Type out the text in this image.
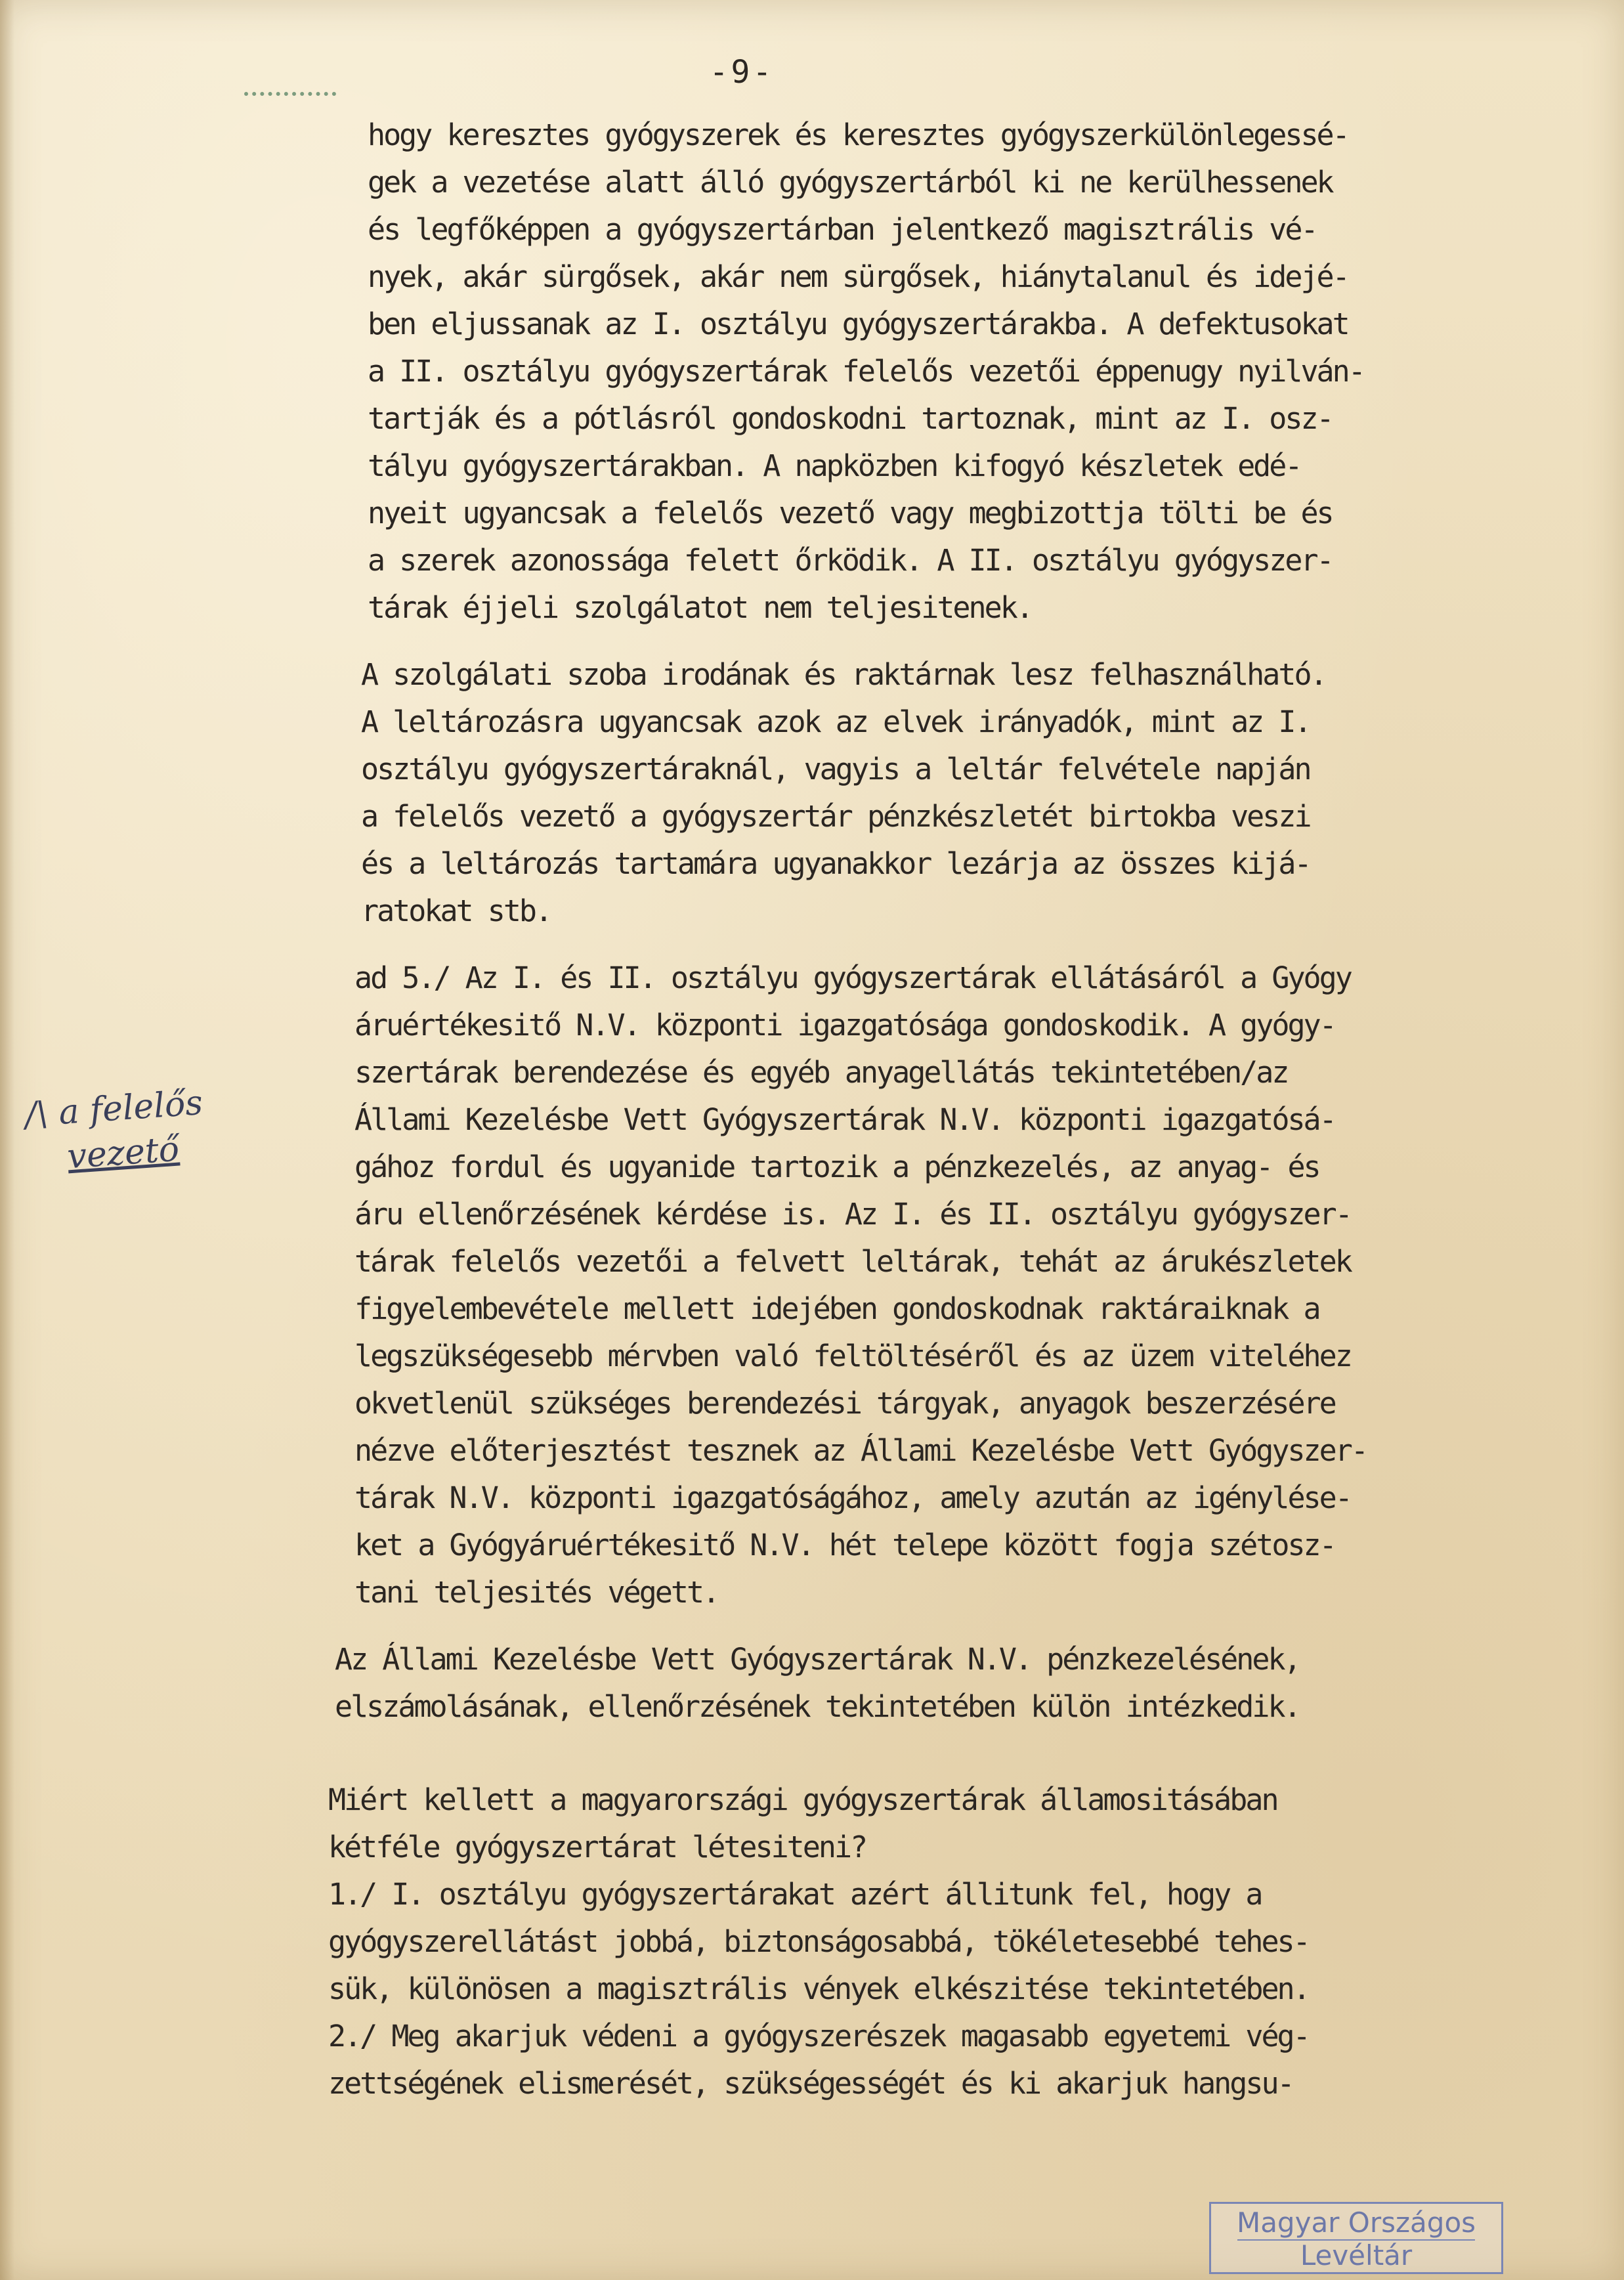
-9-
/\ a felelős
vezető
hogy keresztes gyógyszerek és keresztes gyógyszerkülönlegessé-
gek a vezetése alatt álló gyógyszertárból ki ne kerülhessenek
és legfőképpen a gyógyszertárban jelentkező magisztrális vé-
nyek, akár sürgősek, akár nem sürgősek, hiánytalanul és idejé-
ben eljussanak az I. osztályu gyógyszertárakba. A defektusokat
a II. osztályu gyógyszertárak felelős vezetői éppenugy nyilván-
tartják és a pótlásról gondoskodni tartoznak, mint az I. osz-
tályu gyógyszertárakban. A napközben kifogyó készletek edé-
nyeit ugyancsak a felelős vezető vagy megbizottja tölti be és
a szerek azonossága felett őrködik. A II. osztályu gyógyszer-
tárak éjjeli szolgálatot nem teljesitenek.
A szolgálati szoba irodának és raktárnak lesz felhasználható.
A leltározásra ugyancsak azok az elvek irányadók, mint az I.
osztályu gyógyszertáraknál, vagyis a leltár felvétele napján
a felelős vezető a gyógyszertár pénzkészletét birtokba veszi
és a leltározás tartamára ugyanakkor lezárja az összes kijá-
ratokat stb.
ad 5./ Az I. és II. osztályu gyógyszertárak ellátásáról a Gyógy
áruértékesitő N.V. központi igazgatósága gondoskodik. A gyógy-
szertárak berendezése és egyéb anyagellátás tekintetében/az
Állami Kezelésbe Vett Gyógyszertárak N.V. központi igazgatósá-
gához fordul és ugyanide tartozik a pénzkezelés, az anyag- és
áru ellenőrzésének kérdése is. Az I. és II. osztályu gyógyszer-
tárak felelős vezetői a felvett leltárak, tehát az árukészletek
figyelembevétele mellett idejében gondoskodnak raktáraiknak a
legszükségesebb mérvben való feltöltéséről és az üzem viteléhez
okvetlenül szükséges berendezési tárgyak, anyagok beszerzésére
nézve előterjesztést tesznek az Állami Kezelésbe Vett Gyógyszer-
tárak N.V. központi igazgatóságához, amely azután az igénylése-
ket a Gyógyáruértékesitő N.V. hét telepe között fogja szétosz-
tani teljesités végett.
Az Állami Kezelésbe Vett Gyógyszertárak N.V. pénzkezelésének,
elszámolásának, ellenőrzésének tekintetében külön intézkedik.
Miért kellett a magyarországi gyógyszertárak államositásában
kétféle gyógyszertárat létesiteni?
1./ I. osztályu gyógyszertárakat azért állitunk fel, hogy a
gyógyszerellátást jobbá, biztonságosabbá, tökéletesebbé tehes-
sük, különösen a magisztrális vények elkészitése tekintetében.
2./ Meg akarjuk védeni a gyógyszerészek magasabb egyetemi vég-
zettségének elismerését, szükségességét és ki akarjuk hangsu-
Magyar Országos
Levéltár
